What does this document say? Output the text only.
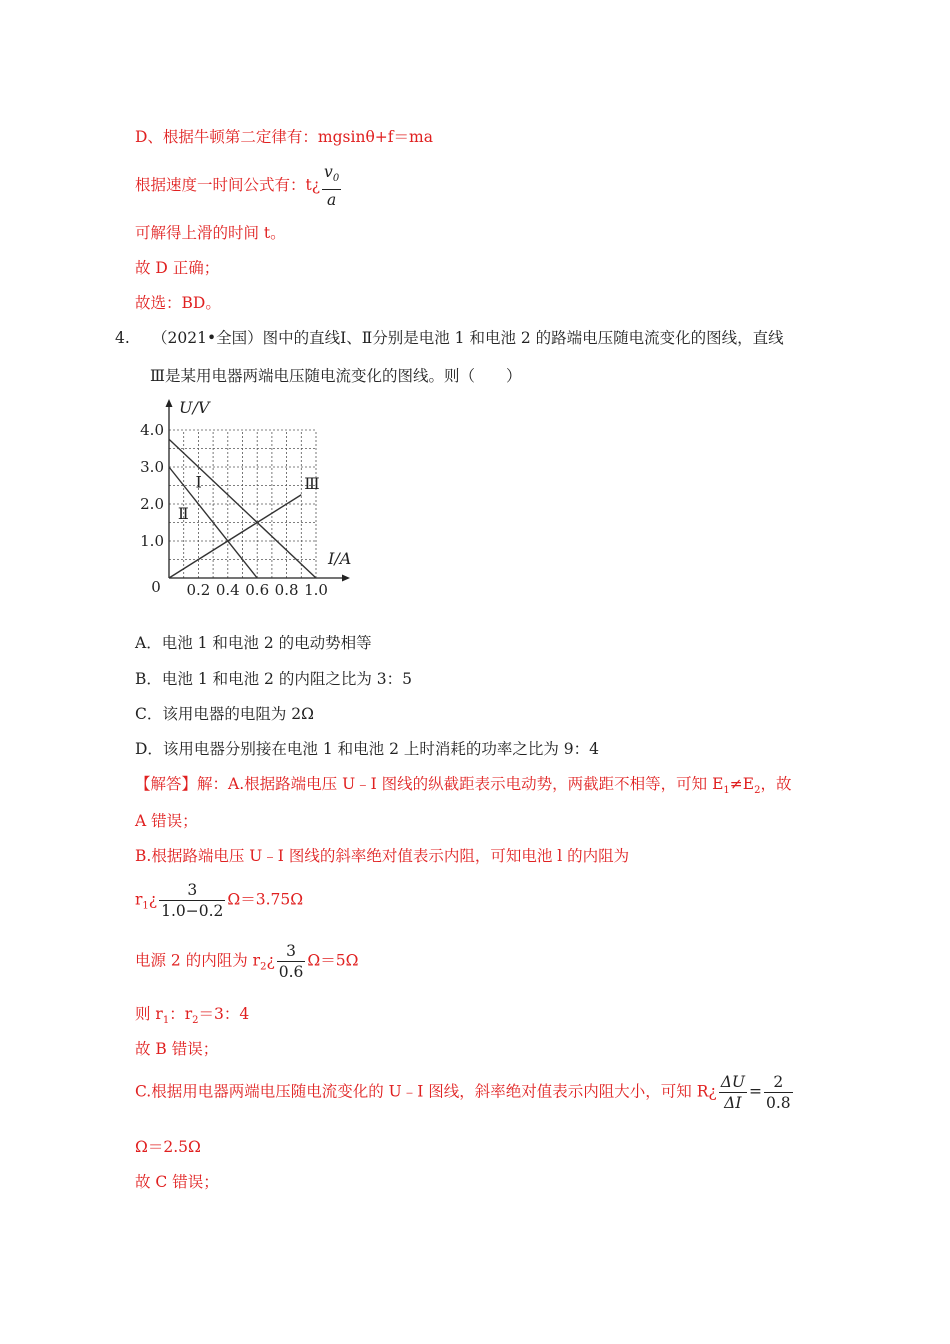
D、根据牛顿第二定律有：mgsinθ+f＝ma
根据速度一时间公式有：t¿ $\frac{v_0}{a}$
可解得上滑的时间 t。
故 D 正确；
故选：BD。
4. （2021•全国）图中的直线Ⅰ、Ⅱ分别是电池 1 和电池 2 的路端电压随电流变化的图线，直线
Ⅲ是某用电器两端电压随电流变化的图线。则（　　）
0.2 0.4 0.6 0.8 1.0
1.0
2.0
3.0
4.0
0
I/A
U/V
Ⅰ
Ⅱ
Ⅲ
A．电池 1 和电池 2 的电动势相等
B．电池 1 和电池 2 的内阻之比为 3：5
C．该用电器的电阻为 2Ω
D．该用电器分别接在电池 1 和电池 2 上时消耗的功率之比为 9：4
【解答】解：A.根据路端电压 U﹣I 图线的纵截距表示电动势，两截距不相等，可知 $E_1\ne E_2$，故
A 错误；
B.根据路端电压 U﹣I 图线的斜率绝对值表示内阻，可知电池 l 的内阻为
$r_1¿ \frac{3}{1.0-0.2} \Omega=3.75\Omega$
电源 2 的内阻为 $r_2¿ \frac{3}{0.6} \Omega=5\Omega$
则 $r_1$：$r_2=3$：4
故 B 错误；
C.根据用电器两端电压随电流变化的 U﹣I 图线，斜率绝对值表示内阻大小，可知 R¿ $\frac{\Delta U}{\Delta I} = \frac{2}{0.8}$
Ω＝2.5Ω
故 C 错误；
